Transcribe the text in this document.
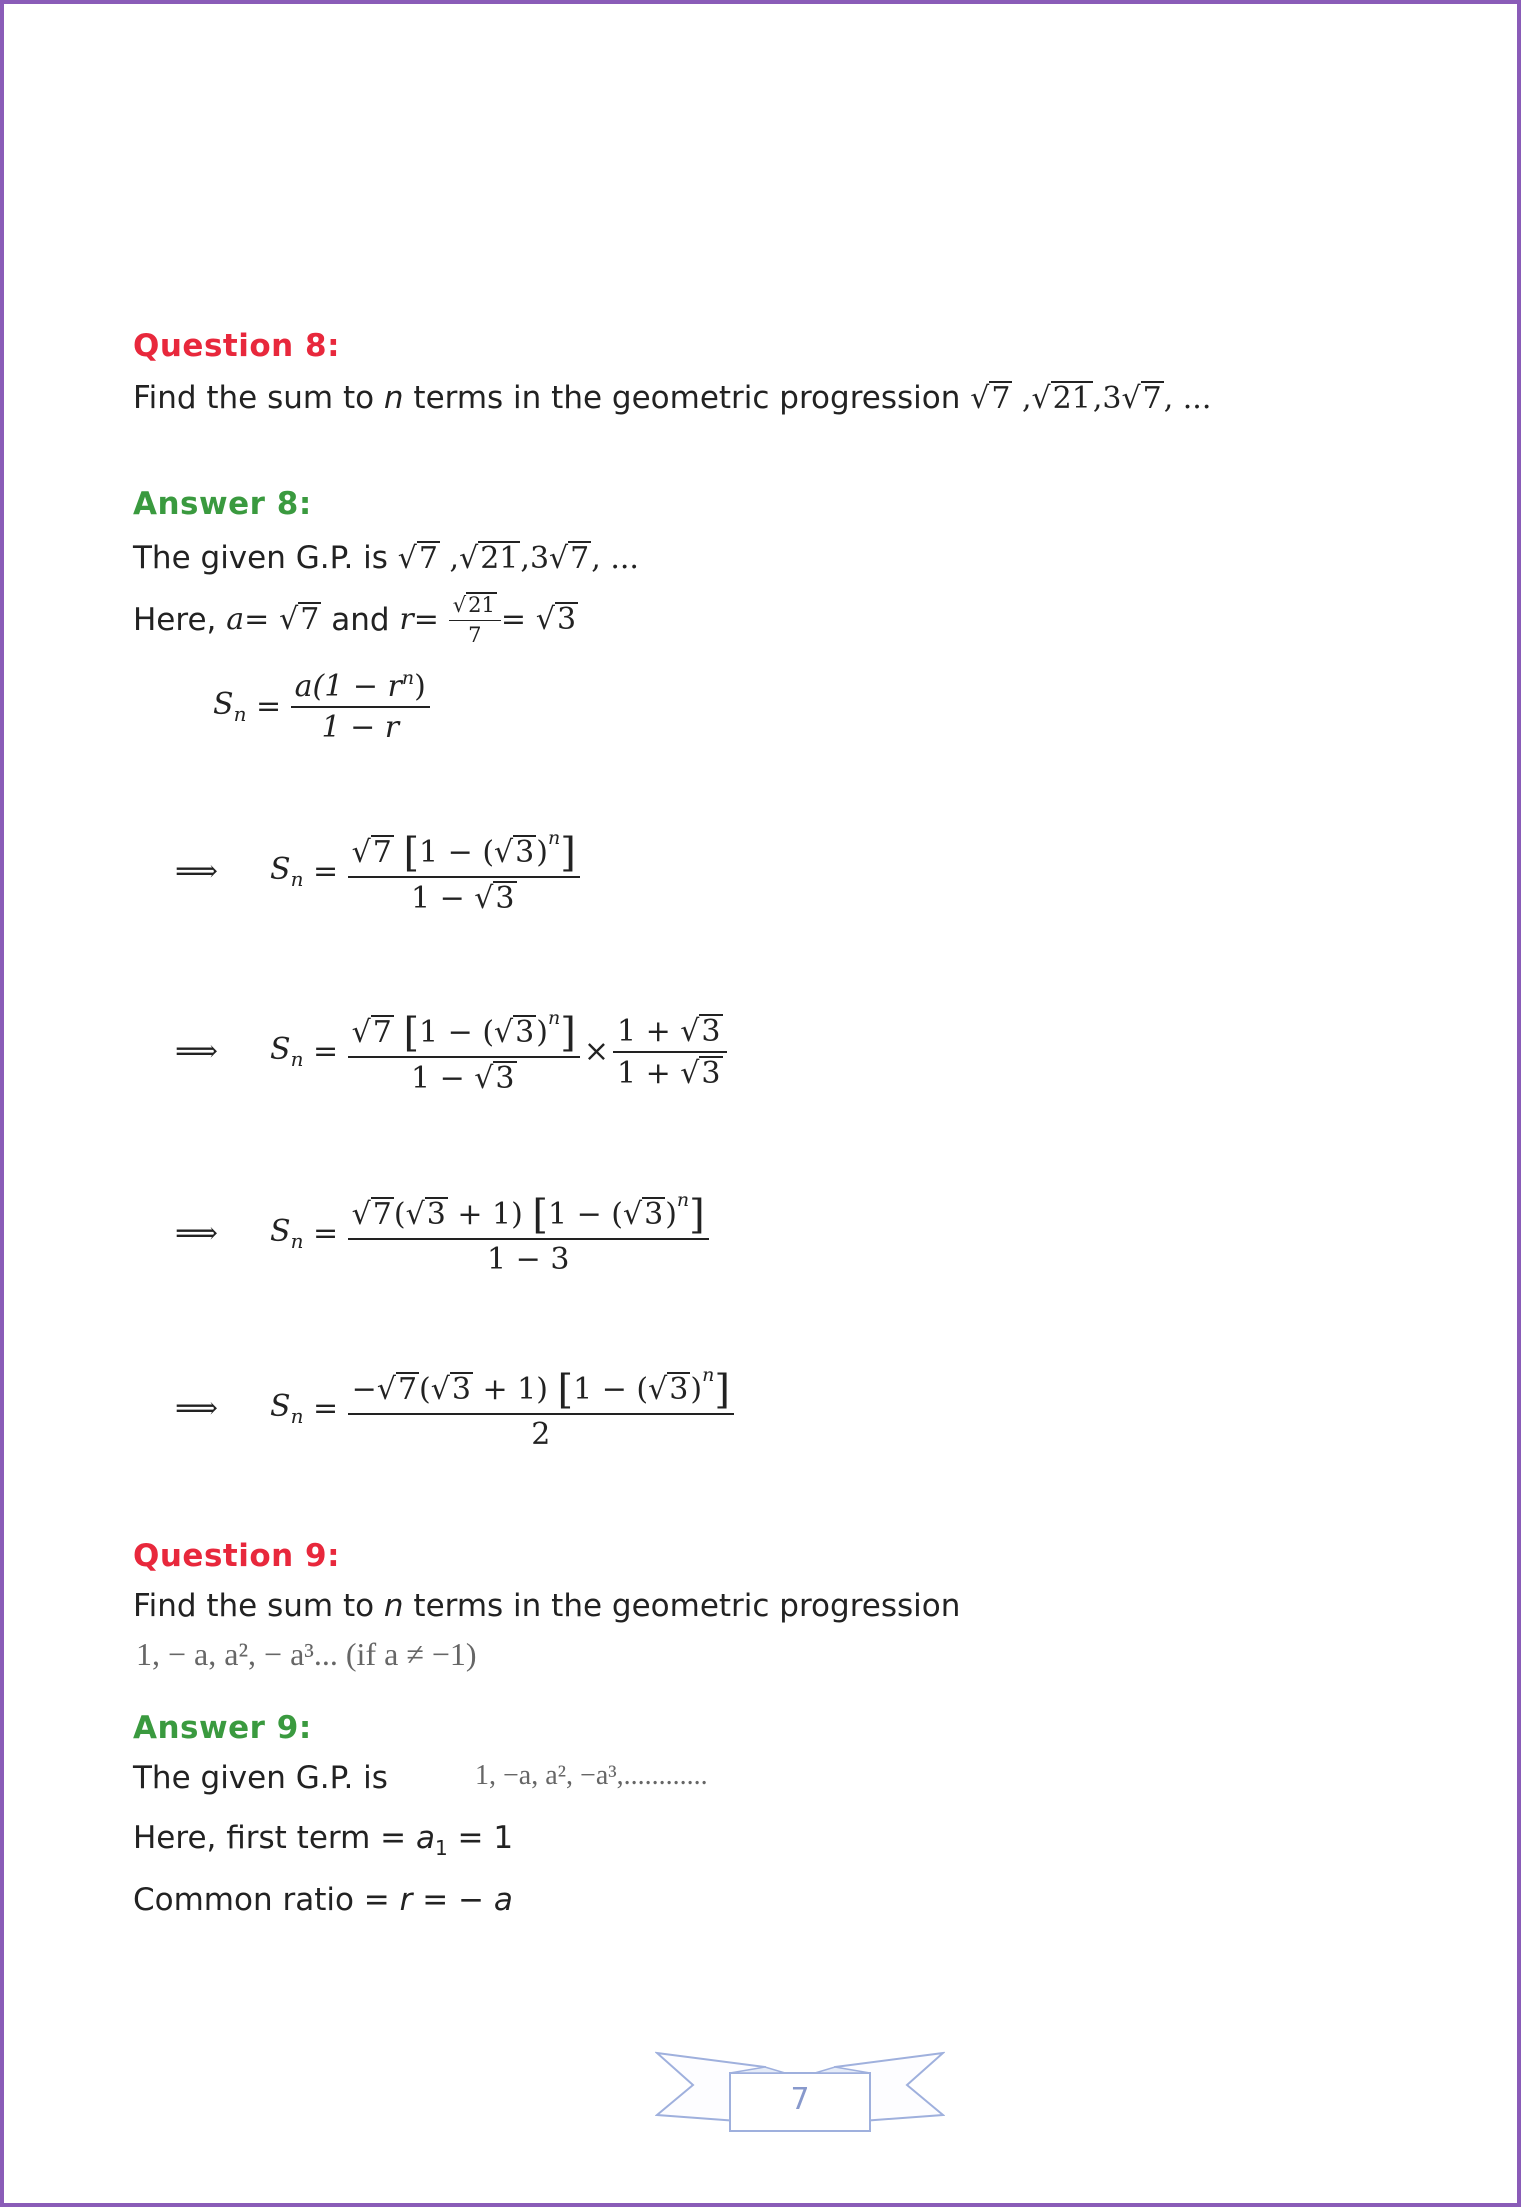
Question 8:
Find the sum to n terms in the geometric progression √7 ,√21,3√7, ...
Answer 8:
The given G.P. is √7 ,√21,3√7, ...
Here,
a =
√7 and r =
$\frac{√21}{7}$ =
√3
$S_n = \frac{a(1 - r^n)}{1 - r}$
⟹	$S_n = \frac{√7 [1 - (√3)^n]}{1 - √3}$
⟹	$S_n = \frac{√7 [1 - (√3)^n]}{1 - √3} \times \frac{1 + √3}{1 + √3}$
⟹	$S_n = \frac{√7(√3 + 1) [1 - (√3)^n]}{1 - 3}$
⟹	$S_n = \frac{-√7(√3 + 1) [1 - (√3)^n]}{2}$
Question 9:
Find the sum to n terms in the geometric progression
1, − a, a², − a³... (if a ≠ −1)
Answer 9:
The given G.P. is	1, −a, a², −a³,............
Here, first term = $a_1 = 1$
Common ratio = r = − a
7
